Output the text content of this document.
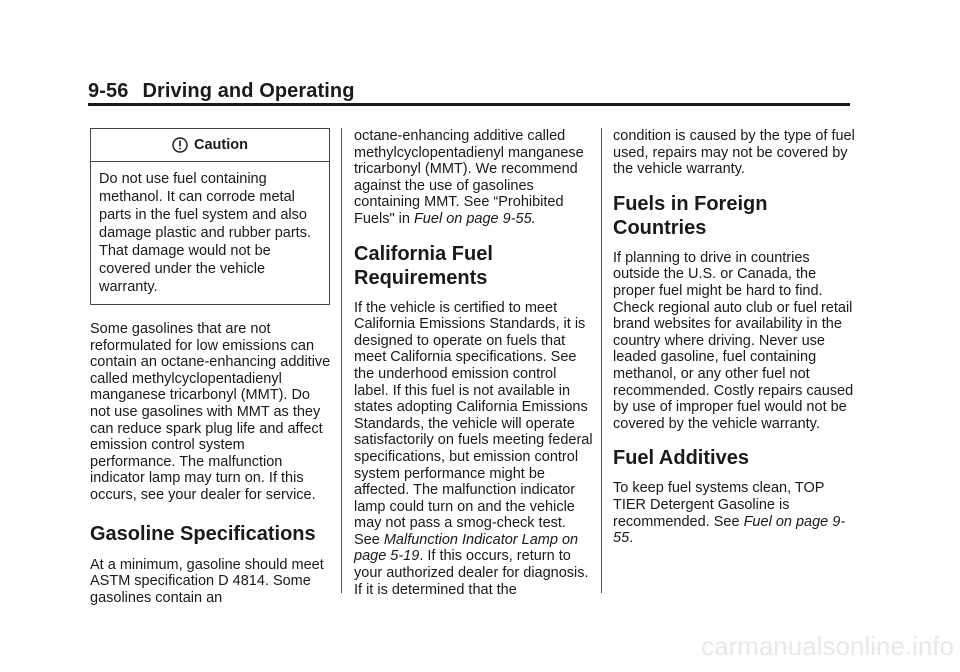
9-56 Driving and Operating
Caution
Do not use fuel containing methanol. It can corrode metal parts in the fuel system and also damage plastic and rubber parts. That damage would not be covered under the vehicle warranty.

Some gasolines that are not reformulated for low emissions can contain an octane-enhancing additive called methylcyclopentadienyl manganese tricarbonyl (MMT). Do not use gasolines with MMT as they can reduce spark plug life and affect emission control system performance. The malfunction indicator lamp may turn on. If this occurs, see your dealer for service.

Gasoline Specifications

At a minimum, gasoline should meet ASTM specification D 4814. Some gasolines contain an

octane-enhancing additive called methylcyclopentadienyl manganese tricarbonyl (MMT). We recommend against the use of gasolines containing MMT. See “Prohibited Fuels" in Fuel on page 9-55.

California Fuel Requirements

If the vehicle is certified to meet California Emissions Standards, it is designed to operate on fuels that meet California specifications. See the underhood emission control label. If this fuel is not available in states adopting California Emissions Standards, the vehicle will operate satisfactorily on fuels meeting federal specifications, but emission control system performance might be affected. The malfunction indicator lamp could turn on and the vehicle may not pass a smog-check test. See Malfunction Indicator Lamp on page 5-19. If this occurs, return to your authorized dealer for diagnosis. If it is determined that the

condition is caused by the type of fuel used, repairs may not be covered by the vehicle warranty.

Fuels in Foreign Countries

If planning to drive in countries outside the U.S. or Canada, the proper fuel might be hard to find. Check regional auto club or fuel retail brand websites for availability in the country where driving. Never use leaded gasoline, fuel containing methanol, or any other fuel not recommended. Costly repairs caused by use of improper fuel would not be covered by the vehicle warranty.

Fuel Additives

To keep fuel systems clean, TOP TIER Detergent Gasoline is recommended. See Fuel on page 9-55.

carmanualsonline.info
